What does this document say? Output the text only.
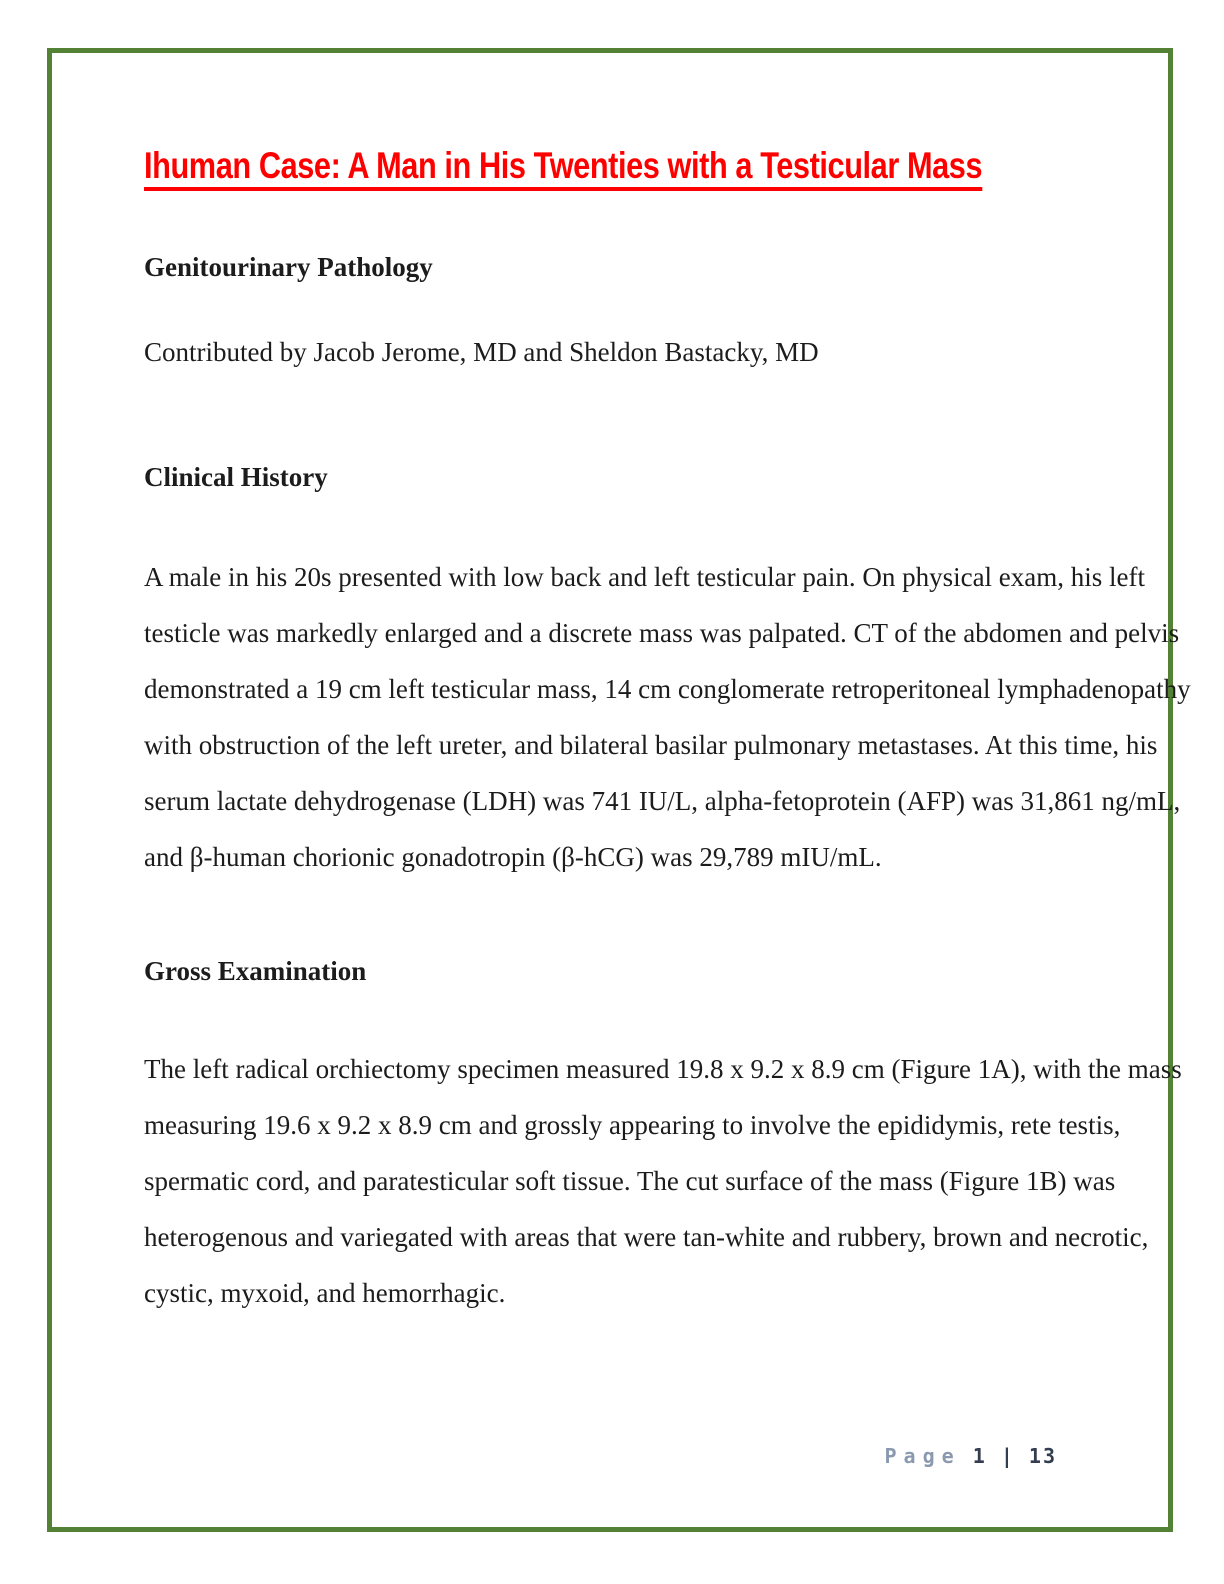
Ihuman Case: A Man in His Twenties with a Testicular Mass
Genitourinary Pathology
Contributed by Jacob Jerome, MD and Sheldon Bastacky, MD
Clinical History
A male in his 20s presented with low back and left testicular pain. On physical exam, his left
testicle was markedly enlarged and a discrete mass was palpated. CT of the abdomen and pelvis
demonstrated a 19 cm left testicular mass, 14 cm conglomerate retroperitoneal lymphadenopathy
with obstruction of the left ureter, and bilateral basilar pulmonary metastases. At this time, his
serum lactate dehydrogenase (LDH) was 741 IU/L, alpha-fetoprotein (AFP) was 31,861 ng/mL,
and β-human chorionic gonadotropin (β-hCG) was 29,789 mIU/mL.
Gross Examination
The left radical orchiectomy specimen measured 19.8 x 9.2 x 8.9 cm (Figure 1A), with the mass
measuring 19.6 x 9.2 x 8.9 cm and grossly appearing to involve the epididymis, rete testis,
spermatic cord, and paratesticular soft tissue. The cut surface of the mass (Figure 1B) was
heterogenous and variegated with areas that were tan-white and rubbery, brown and necrotic,
cystic, myxoid, and hemorrhagic.
Page 1 | 13
